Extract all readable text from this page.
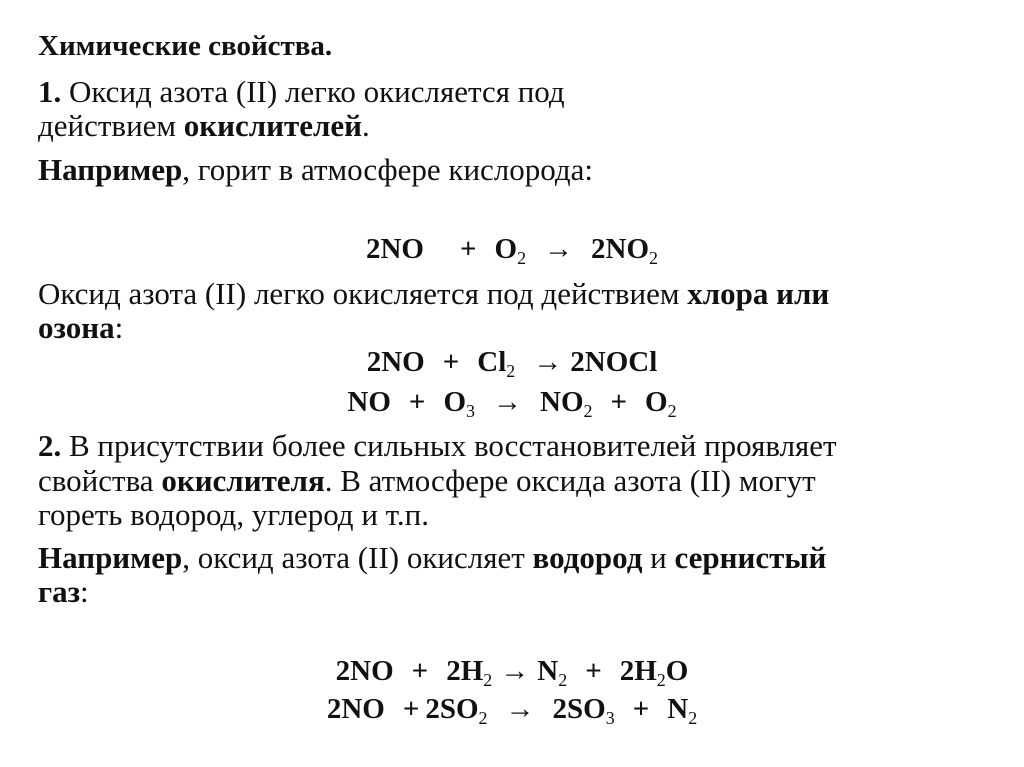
Химические свойства.
1. Оксид азота (II) легко окисляется под
действием окислителей.
Например, горит в атмосфере кислорода:
$2NO + O_2 \to 2NO_2$
Оксид азота (II) легко окисляется под действием хлора или
озона:
$2NO + Cl_2$ → 2NOCl
NO + $O_3 \to NO_2 + O_2$
2. В присутствии более сильных восстановителей проявляет
свойства окислителя. В атмосфере оксида азота (II) могут
гореть водород, углерод и т.п.
Например, оксид азота (II) окисляет водород и сернистый
газ:
$2NO + 2H_2 \to N_2 + 2H_2O$
$2NO + 2SO_2 \to 2SO_3 + N_2$
